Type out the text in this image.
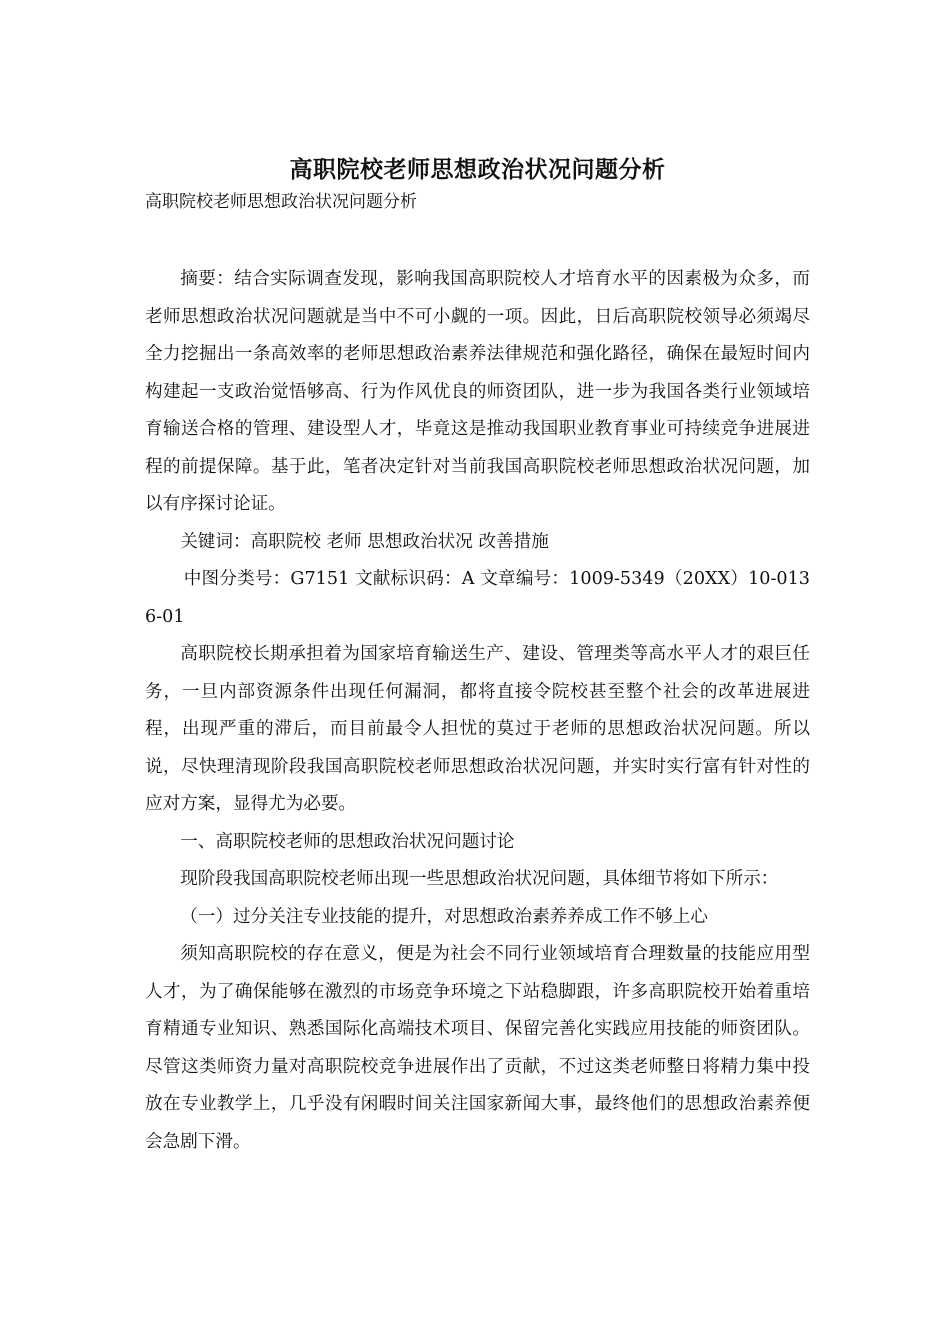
高职院校老师思想政治状况问题分析

高职院校老师思想政治状况问题分析

摘要：结合实际调查发现，影响我国高职院校人才培育水平的因素极为众多，而老师思想政治状况问题就是当中不可小觑的一项。因此，日后高职院校领导必须竭尽全力挖掘出一条高效率的老师思想政治素养法律规范和强化路径，确保在最短时间内构建起一支政治觉悟够高、行为作风优良的师资团队，进一步为我国各类行业领域培育输送合格的管理、建设型人才，毕竟这是推动我国职业教育事业可持续竞争进展进程的前提保障。基于此，笔者决定针对当前我国高职院校老师思想政治状况问题，加以有序探讨论证。

关键词：高职院校 老师 思想政治状况 改善措施

中图分类号：G7151 文献标识码：A 文章编号：1009-5349（20XX）10-0136-01

高职院校长期承担着为国家培育输送生产、建设、管理类等高水平人才的艰巨任务，一旦内部资源条件出现任何漏洞，都将直接令院校甚至整个社会的改革进展进程，出现严重的滞后，而目前最令人担忧的莫过于老师的思想政治状况问题。所以说，尽快理清现阶段我国高职院校老师思想政治状况问题，并实时实行富有针对性的应对方案，显得尤为必要。

一、高职院校老师的思想政治状况问题讨论

现阶段我国高职院校老师出现一些思想政治状况问题，具体细节将如下所示：

（一）过分关注专业技能的提升，对思想政治素养养成工作不够上心

须知高职院校的存在意义，便是为社会不同行业领域培育合理数量的技能应用型人才，为了确保能够在激烈的市场竞争环境之下站稳脚跟，许多高职院校开始着重培育精通专业知识、熟悉国际化高端技术项目、保留完善化实践应用技能的师资团队。尽管这类师资力量对高职院校竞争进展作出了贡献，不过这类老师整日将精力集中投放在专业教学上，几乎没有闲暇时间关注国家新闻大事，最终他们的思想政治素养便会急剧下滑。
